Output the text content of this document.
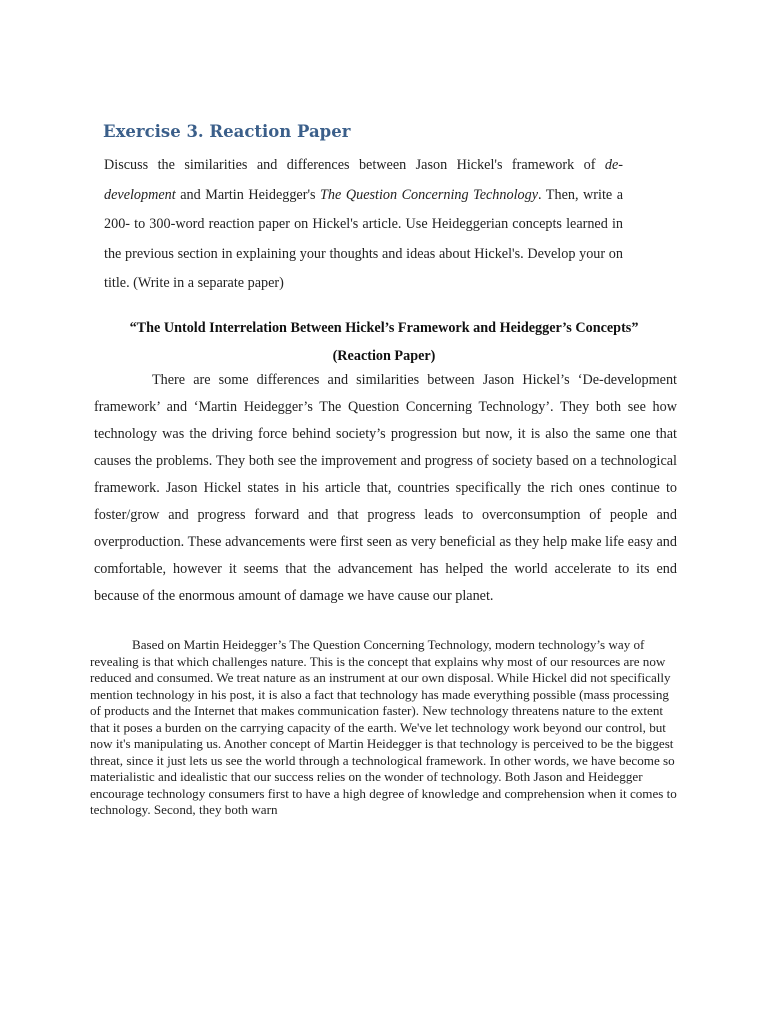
Exercise 3. Reaction Paper

Discuss the similarities and differences between Jason Hickel's framework of de-development and Martin Heidegger's The Question Concerning Technology. Then, write a 200- to 300-word reaction paper on Hickel's article. Use Heideggerian concepts learned in the previous section in explaining your thoughts and ideas about Hickel's. Develop your on title. (Write in a separate paper)

“The Untold Interrelation Between Hickel’s Framework and Heidegger’s Concepts”
(Reaction Paper)

There are some differences and similarities between Jason Hickel’s ‘De-development framework’ and ‘Martin Heidegger’s The Question Concerning Technology’. They both see how technology was the driving force behind society’s progression but now, it is also the same one that causes the problems. They both see the improvement and progress of society based on a technological framework. Jason Hickel states in his article that, countries specifically the rich ones continue to foster/grow and progress forward and that progress leads to overconsumption of people and overproduction. These advancements were first seen as very beneficial as they help make life easy and comfortable, however it seems that the advancement has helped the world accelerate to its end because of the enormous amount of damage we have cause our planet.

Based on Martin Heidegger’s The Question Concerning Technology, modern technology’s way of revealing is that which challenges nature. This is the concept that explains why most of our resources are now reduced and consumed. We treat nature as an instrument at our own disposal. While Hickel did not specifically mention technology in his post, it is also a fact that technology has made everything possible (mass processing of products and the Internet that makes communication faster). New technology threatens nature to the extent that it poses a burden on the carrying capacity of the earth. We've let technology work beyond our control, but now it's manipulating us. Another concept of Martin Heidegger is that technology is perceived to be the biggest threat, since it just lets us see the world through a technological framework. In other words, we have become so materialistic and idealistic that our success relies on the wonder of technology. Both Jason and Heidegger encourage technology consumers first to have a high degree of knowledge and comprehension when it comes to technology. Second, they both warn
